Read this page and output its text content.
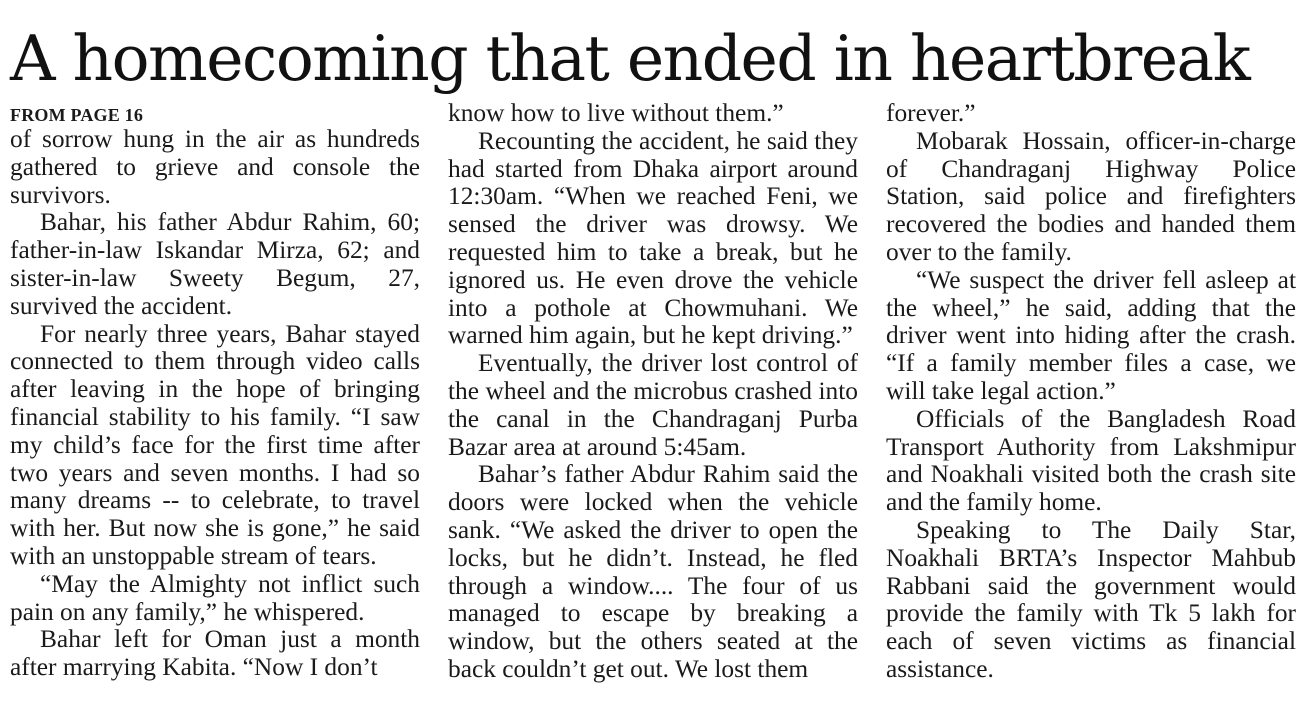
A homecoming that ended in heartbreak
FROM PAGE 16

of sorrow hung in the air as hundreds gathered to grieve and console the survivors.

Bahar, his father Abdur Rahim, 60; father-in-law Iskandar Mirza, 62; and sister-in-law Sweety Begum, 27, survived the accident.

For nearly three years, Bahar stayed connected to them through video calls after leaving in the hope of bringing financial stability to his family. “I saw my child’s face for the first time after two years and seven months. I had so many dreams -- to celebrate, to travel with her. But now she is gone,” he said with an unstoppable stream of tears.

“May the Almighty not inflict such pain on any family,” he whispered.

Bahar left for Oman just a month after marrying Kabita. “Now I don’t

know how to live without them.”

Recounting the accident, he said they had started from Dhaka airport around 12:30am. “When we reached Feni, we sensed the driver was drowsy. We requested him to take a break, but he ignored us. He even drove the vehicle into a pothole at Chowmuhani. We warned him again, but he kept driving.”

Eventually, the driver lost control of the wheel and the microbus crashed into the canal in the Chandraganj Purba Bazar area at around 5:45am.

Bahar’s father Abdur Rahim said the doors were locked when the vehicle sank. “We asked the driver to open the locks, but he didn’t. Instead, he fled through a window.... The four of us managed to escape by breaking a window, but the others seated at the back couldn’t get out. We lost them

forever.”

Mobarak Hossain, officer-in-charge of Chandraganj Highway Police Station, said police and firefighters recovered the bodies and handed them over to the family.

“We suspect the driver fell asleep at the wheel,” he said, adding that the driver went into hiding after the crash. “If a family member files a case, we will take legal action.”

Officials of the Bangladesh Road Transport Authority from Lakshmipur and Noakhali visited both the crash site and the family home.

Speaking to The Daily Star, Noakhali BRTA’s Inspector Mahbub Rabbani said the government would provide the family with Tk 5 lakh for each of seven victims as financial assistance.
